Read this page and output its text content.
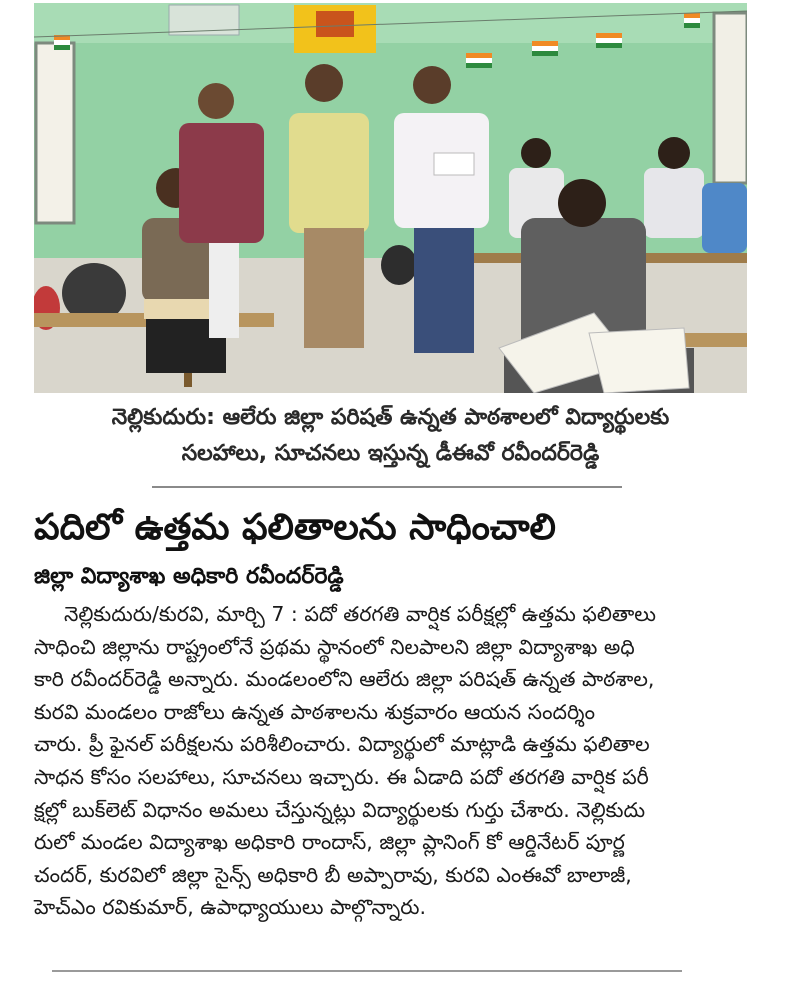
నెల్లికుదురు: ఆలేరు జిల్లా పరిషత్ ఉన్నత పాఠశాలలో విద్యార్థులకు
సలహాలు, సూచనలు ఇస్తున్న డీఈవో రవీందర్‌రెడ్డి
పదిలో ఉత్తమ ఫలితాలను సాధించాలి
జిల్లా విద్యాశాఖ అధికారి రవీందర్‌రెడ్డి
నెల్లికుదురు/కురవి, మార్చి 7 : పదో తరగతి వార్షిక పరీక్షల్లో ఉత్తమ ఫలితాలు
సాధించి జిల్లాను రాష్ట్రంలోనే ప్రథమ స్థానంలో నిలపాలని జిల్లా విద్యాశాఖ అధి
కారి రవీందర్‌రెడ్డి అన్నారు. మండలంలోని ఆలేరు జిల్లా పరిషత్ ఉన్నత పాఠశాల,
కురవి మండలం రాజోలు ఉన్నత పాఠశాలను శుక్రవారం ఆయన సందర్శిం
చారు. ప్రీ ఫైనల్ పరీక్షలను పరిశీలించారు. విద్యార్థులో మాట్లాడి ఉత్తమ ఫలితాల
సాధన కోసం సలహాలు, సూచనలు ఇచ్చారు. ఈ ఏడాది పదో తరగతి వార్షిక పరీ
క్షల్లో బుక్‌లెట్ విధానం అమలు చేస్తున్నట్లు విద్యార్థులకు గుర్తు చేశారు. నెల్లికుదు
రులో మండల విద్యాశాఖ అధికారి రాందాస్, జిల్లా ప్లానింగ్ కో ఆర్డినేటర్ పూర్ణ
చందర్, కురవిలో జిల్లా సైన్స్ అధికారి బీ అప్పారావు, కురవి ఎంఈవో బాలాజీ,
హెచ్‌ఎం రవికుమార్, ఉపాధ్యాయులు పాల్గొన్నారు.
